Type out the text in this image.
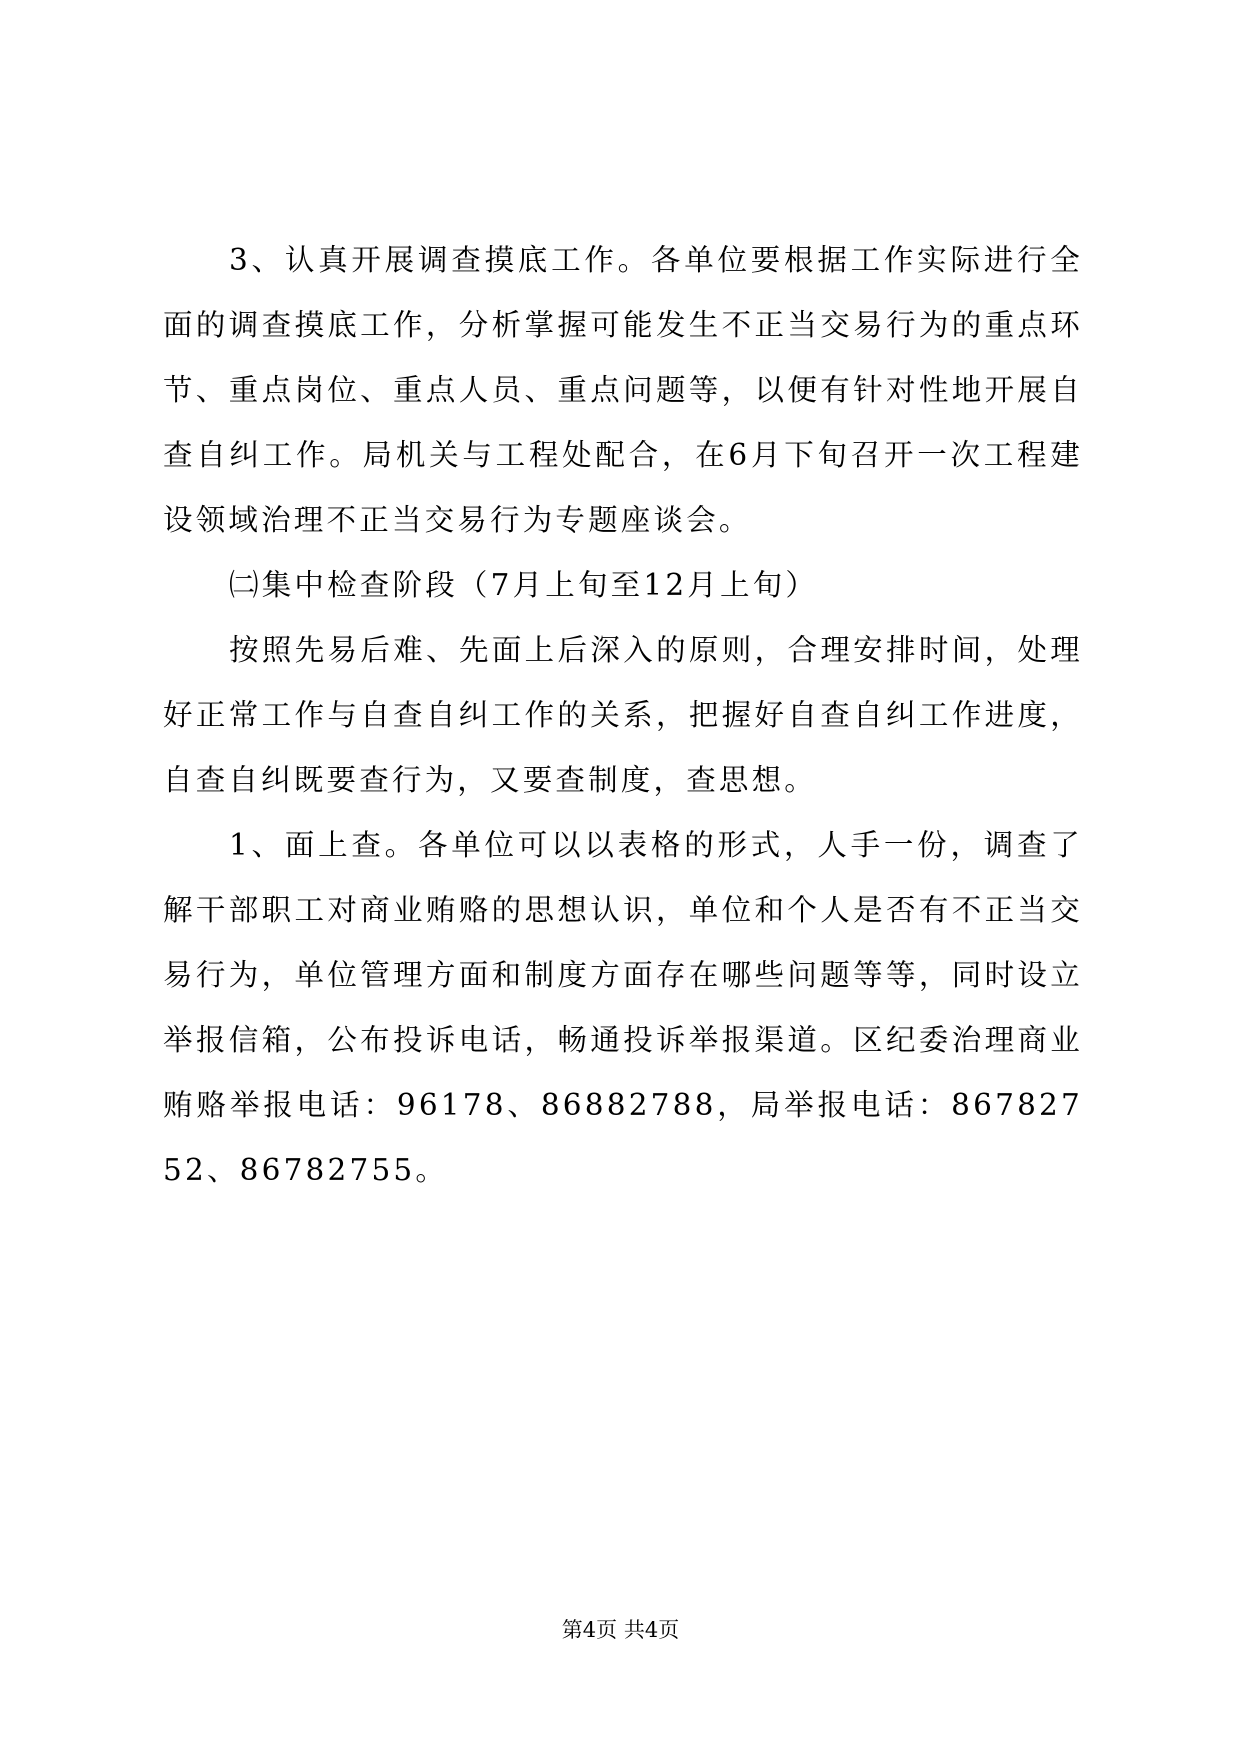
3、认真开展调查摸底工作。各单位要根据工作实际进行全面的调查摸底工作，分析掌握可能发生不正当交易行为的重点环节、重点岗位、重点人员、重点问题等，以便有针对性地开展自查自纠工作。局机关与工程处配合，在6月下旬召开一次工程建设领域治理不正当交易行为专题座谈会。

㈡集中检查阶段（7月上旬至12月上旬）

按照先易后难、先面上后深入的原则，合理安排时间，处理好正常工作与自查自纠工作的关系，把握好自查自纠工作进度，自查自纠既要查行为，又要查制度，查思想。

1、面上查。各单位可以以表格的形式，人手一份，调查了解干部职工对商业贿赂的思想认识，单位和个人是否有不正当交易行为，单位管理方面和制度方面存在哪些问题等等，同时设立举报信箱，公布投诉电话，畅通投诉举报渠道。区纪委治理商业贿赂举报电话：96178、86882788，局举报电话：86782752、86782755。

第4页 共4页
